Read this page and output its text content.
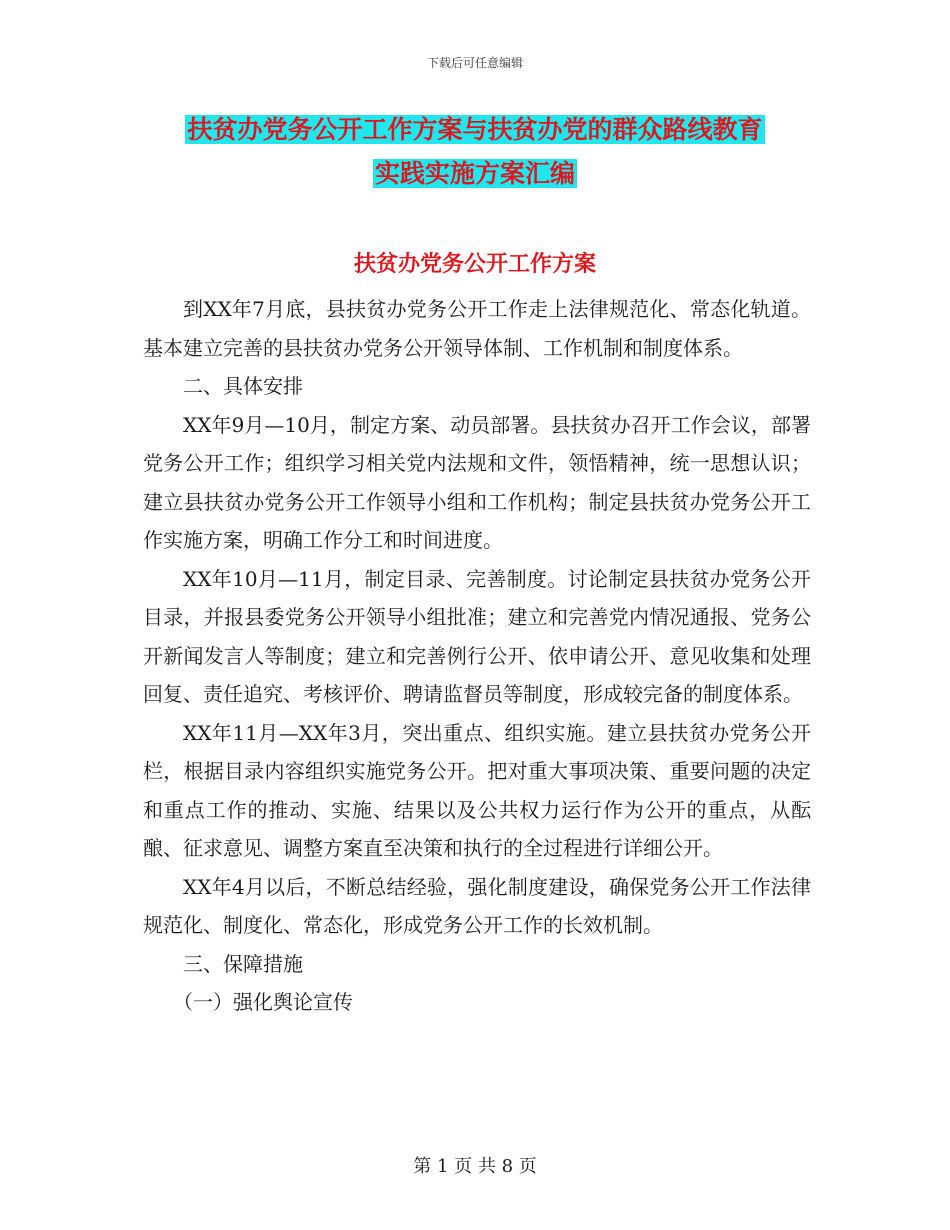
下载后可任意编辑
扶贫办党务公开工作方案与扶贫办党的群众路线教育
实践实施方案汇编
扶贫办党务公开工作方案

到XX年7月底，县扶贫办党务公开工作走上法律规范化、常态化轨道。基本建立完善的县扶贫办党务公开领导体制、工作机制和制度体系。

二、具体安排

XX年9月—10月，制定方案、动员部署。县扶贫办召开工作会议，部署党务公开工作；组织学习相关党内法规和文件，领悟精神，统一思想认识；建立县扶贫办党务公开工作领导小组和工作机构；制定县扶贫办党务公开工作实施方案，明确工作分工和时间进度。

XX年10月—11月，制定目录、完善制度。讨论制定县扶贫办党务公开目录，并报县委党务公开领导小组批准；建立和完善党内情况通报、党务公开新闻发言人等制度；建立和完善例行公开、依申请公开、意见收集和处理回复、责任追究、考核评价、聘请监督员等制度，形成较完备的制度体系。

XX年11月—XX年3月，突出重点、组织实施。建立县扶贫办党务公开栏，根据目录内容组织实施党务公开。把对重大事项决策、重要问题的决定和重点工作的推动、实施、结果以及公共权力运行作为公开的重点，从酝酿、征求意见、调整方案直至决策和执行的全过程进行详细公开。

XX年4月以后，不断总结经验，强化制度建设，确保党务公开工作法律规范化、制度化、常态化，形成党务公开工作的长效机制。

三、保障措施

（一）强化舆论宣传

第 1 页 共 8 页
